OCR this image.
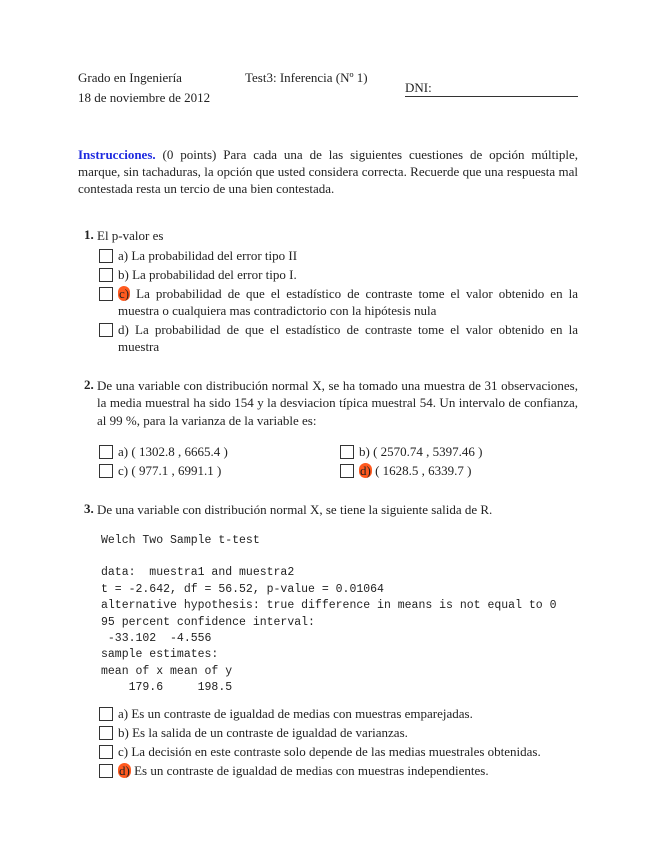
Grado en Ingeniería
18 de noviembre de 2012
Test3: Inferencia (Nº 1)
DNI:
Instrucciones. (0 points) Para cada una de las siguientes cuestiones de opción múltiple, marque, sin tachaduras, la opción que usted considera correcta. Recuerde que una respuesta mal contestada resta un tercio de una bien contestada.
1. El p-valor es
a) La probabilidad del error tipo II
b) La probabilidad del error tipo I.
c) La probabilidad de que el estadístico de contraste tome el valor obtenido en la muestra o cualquiera mas contradictorio con la hipótesis nula
d) La probabilidad de que el estadístico de contraste tome el valor obtenido en la muestra
2. De una variable con distribución normal X, se ha tomado una muestra de 31 observaciones, la media muestral ha sido 154 y la desviacion típica muestral 54. Un intervalo de confianza, al 99 %, para la varianza de la variable es:
a) ( 1302.8 , 6665.4 )	b) ( 2570.74 , 5397.46 )
c) ( 977.1 , 6991.1 )	d) ( 1628.5 , 6339.7 )
3. De una variable con distribución normal X, se tiene la siguiente salida de R.
Welch Two Sample t-test

data:  muestra1 and muestra2
t = -2.642, df = 56.52, p-value = 0.01064
alternative hypothesis: true difference in means is not equal to 0
95 percent confidence interval:
-33.102  -4.556
sample estimates:
mean of x mean of y
179.6     198.5
a) Es un contraste de igualdad de medias con muestras emparejadas.
b) Es la salida de un contraste de igualdad de varianzas.
c) La decisión en este contraste solo depende de las medias muestrales obtenidas.
d) Es un contraste de igualdad de medias con muestras independientes.
